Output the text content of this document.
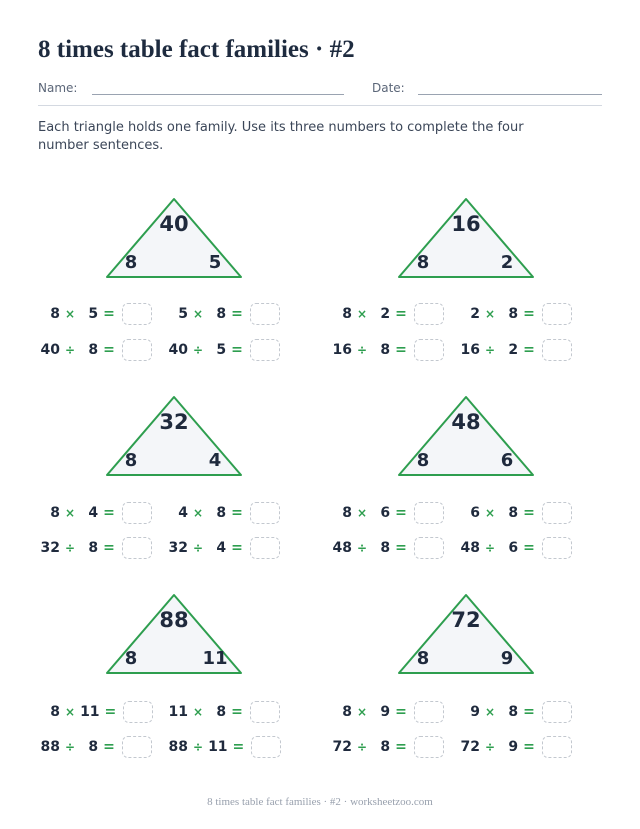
8 times table fact families · #2
Name:	Date:

Each triangle holds one family. Use its three numbers to complete the four number sentences.

40
8	5
8 × 5 =	5 × 8 =
40 ÷ 8 =	40 ÷ 5 =
16
8	2
8 × 2 =	2 × 8 =
16 ÷ 8 =	16 ÷ 2 =
32
8	4
8 × 4 =	4 × 8 =
32 ÷ 8 =	32 ÷ 4 =
48
8	6
8 × 6 =	6 × 8 =
48 ÷ 8 =	48 ÷ 6 =
88
8	11
8 × 11 =	11 × 8 =
88 ÷ 8 =	88 ÷ 11 =
72
8	9
8 × 9 =	9 × 8 =
72 ÷ 8 =	72 ÷ 9 =
8 times table fact families · #2 · worksheetzoo.com
